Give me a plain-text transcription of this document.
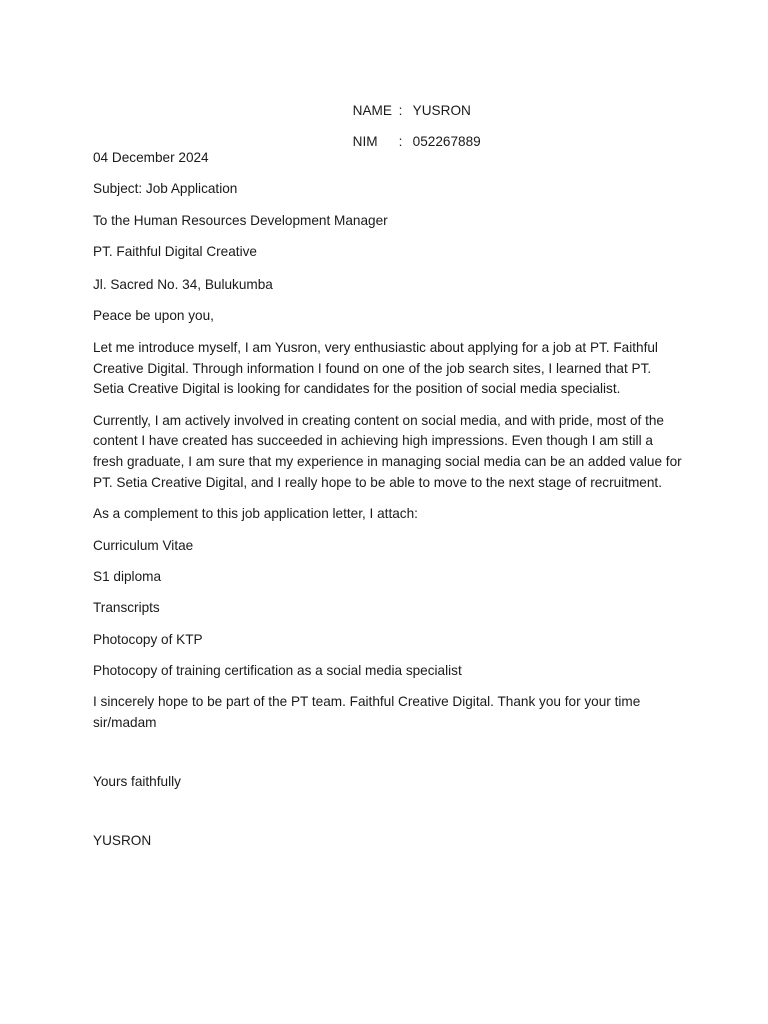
NAME : YUSRON

NIM : 052267889

04 December 2024

Subject: Job Application

To the Human Resources Development Manager

PT. Faithful Digital Creative

Jl. Sacred No. 34, Bulukumba

Peace be upon you,

Let me introduce myself, I am Yusron, very enthusiastic about applying for a job at PT. Faithful Creative Digital. Through information I found on one of the job search sites, I learned that PT. Setia Creative Digital is looking for candidates for the position of social media specialist.

Currently, I am actively involved in creating content on social media, and with pride, most of the content I have created has succeeded in achieving high impressions. Even though I am still a fresh graduate, I am sure that my experience in managing social media can be an added value for PT. Setia Creative Digital, and I really hope to be able to move to the next stage of recruitment.

As a complement to this job application letter, I attach:

Curriculum Vitae

S1 diploma

Transcripts

Photocopy of KTP

Photocopy of training certification as a social media specialist

I sincerely hope to be part of the PT team. Faithful Creative Digital. Thank you for your time sir/madam

Yours faithfully

YUSRON
